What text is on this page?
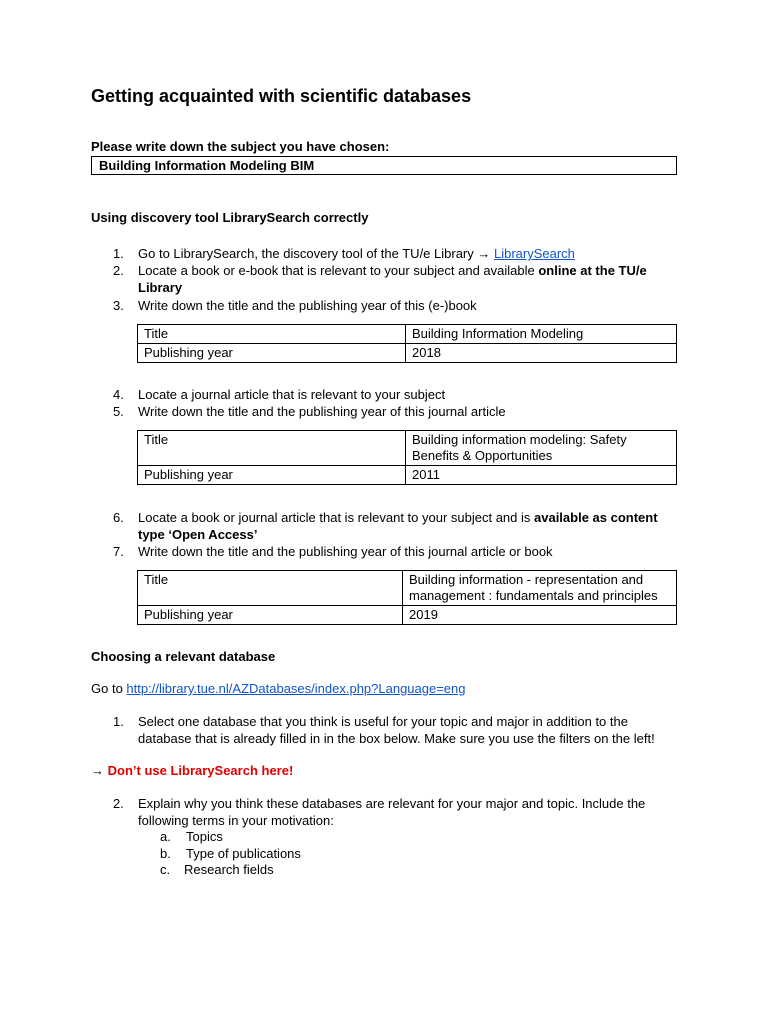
Getting acquainted with scientific databases
Please write down the subject you have chosen:
Building Information Modeling BIM
Using discovery tool LibrarySearch correctly
1.	Go to LibrarySearch, the discovery tool of the TU/e Library → LibrarySearch
2.	Locate a book or e-book that is relevant to your subject and available online at the TU/e Library
3.	Write down the title and the publishing year of this (e-)book
Title	Building Information Modeling
Publishing year	2018
4.	Locate a journal article that is relevant to your subject
5.	Write down the title and the publishing year of this journal article
Title	Building information modeling: Safety Benefits & Opportunities
Publishing year	2011
6.	Locate a book or journal article that is relevant to your subject and is available as content type ‘Open Access’
7.	Write down the title and the publishing year of this journal article or book
Title	Building information - representation and management : fundamentals and principles
Publishing year	2019
Choosing a relevant database
Go to http://library.tue.nl/AZDatabases/index.php?Language=eng
1.	Select one database that you think is useful for your topic and major in addition to the database that is already filled in in the box below. Make sure you use the filters on the left!
→ Don’t use LibrarySearch here!
2.	Explain why you think these databases are relevant for your major and topic. Include the following terms in your motivation:
a. Topics
b. Type of publications
c. Research fields
